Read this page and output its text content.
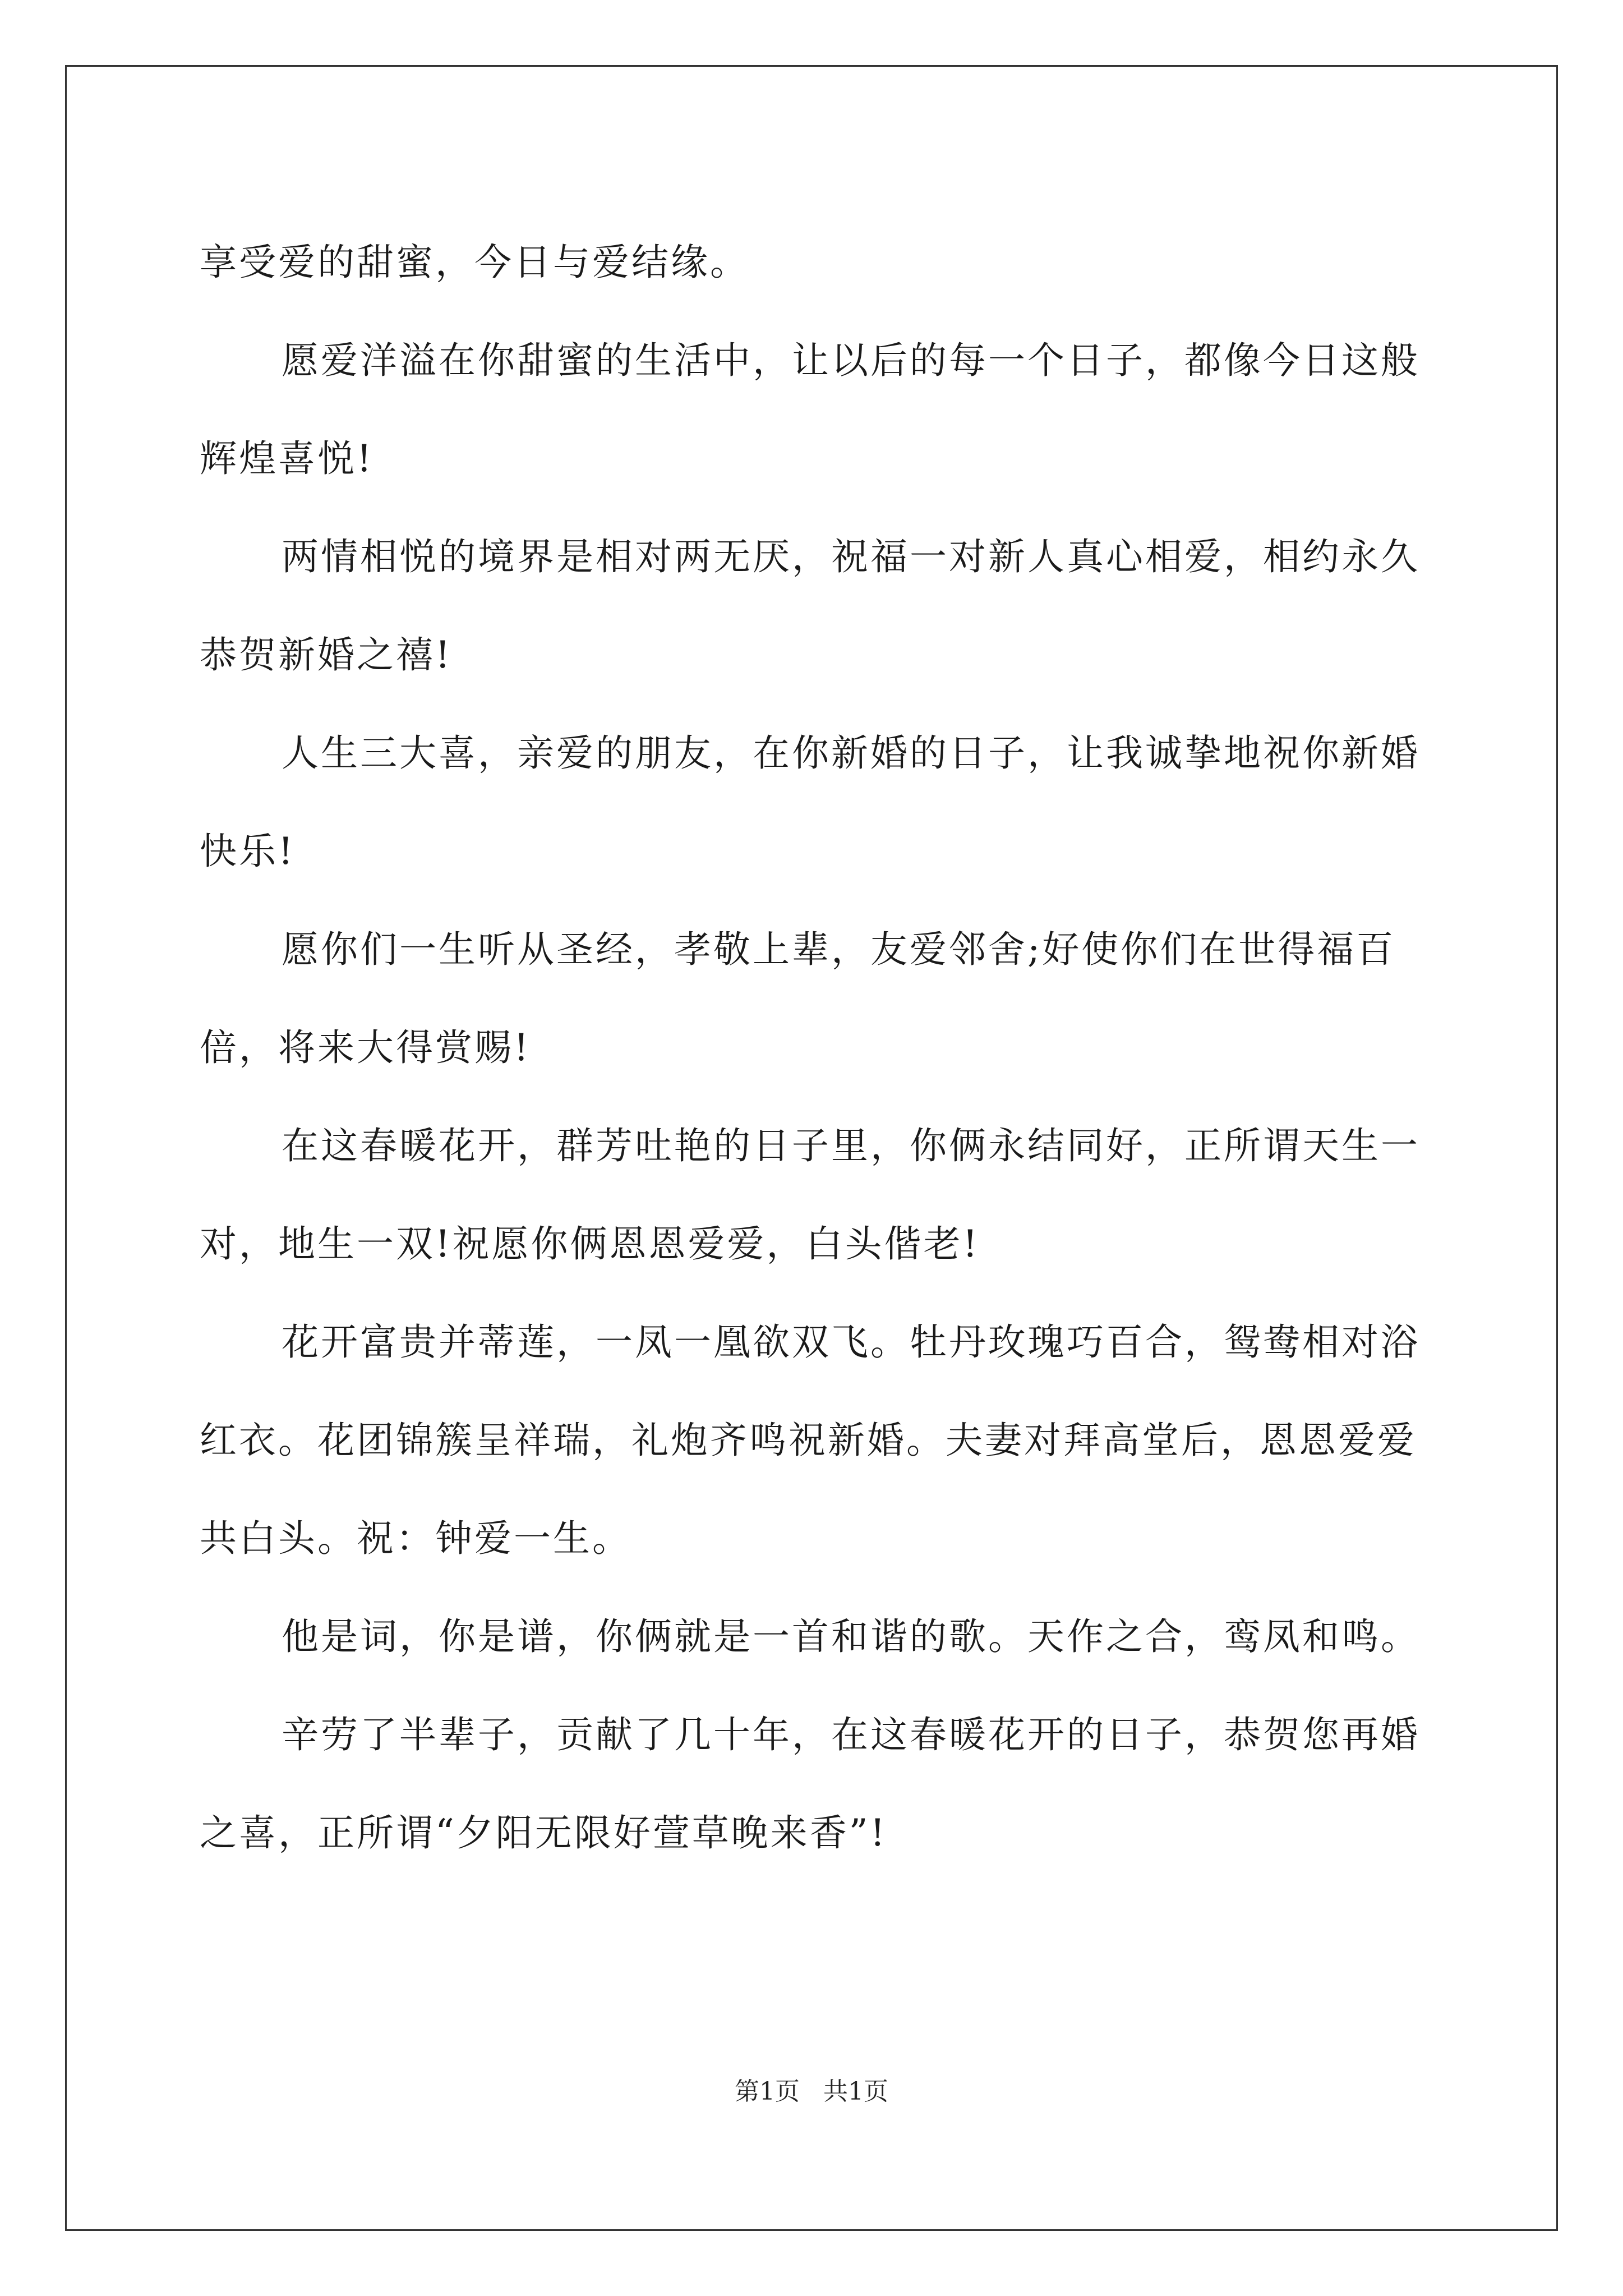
享受爱的甜蜜，今日与爱结缘。

愿爱洋溢在你甜蜜的生活中，让以后的每一个日子，都像今日这般辉煌喜悦!

两情相悦的境界是相对两无厌，祝福一对新人真心相爱，相约永久恭贺新婚之禧!

人生三大喜，亲爱的朋友，在你新婚的日子，让我诚挚地祝你新婚快乐!

愿你们一生听从圣经，孝敬上辈，友爱邻舍;好使你们在世得福百倍，将来大得赏赐!

在这春暖花开，群芳吐艳的日子里，你俩永结同好，正所谓天生一对，地生一双!祝愿你俩恩恩爱爱，白头偕老!

花开富贵并蒂莲，一凤一凰欲双飞。牡丹玫瑰巧百合，鸳鸯相对浴红衣。花团锦簇呈祥瑞，礼炮齐鸣祝新婚。夫妻对拜高堂后，恩恩爱爱共白头。祝：钟爱一生。

他是词，你是谱，你俩就是一首和谐的歌。天作之合，鸾凤和鸣。

辛劳了半辈子，贡献了几十年，在这春暖花开的日子，恭贺您再婚之喜，正所谓“夕阳无限好萱草晚来香”!

第1页 共1页
